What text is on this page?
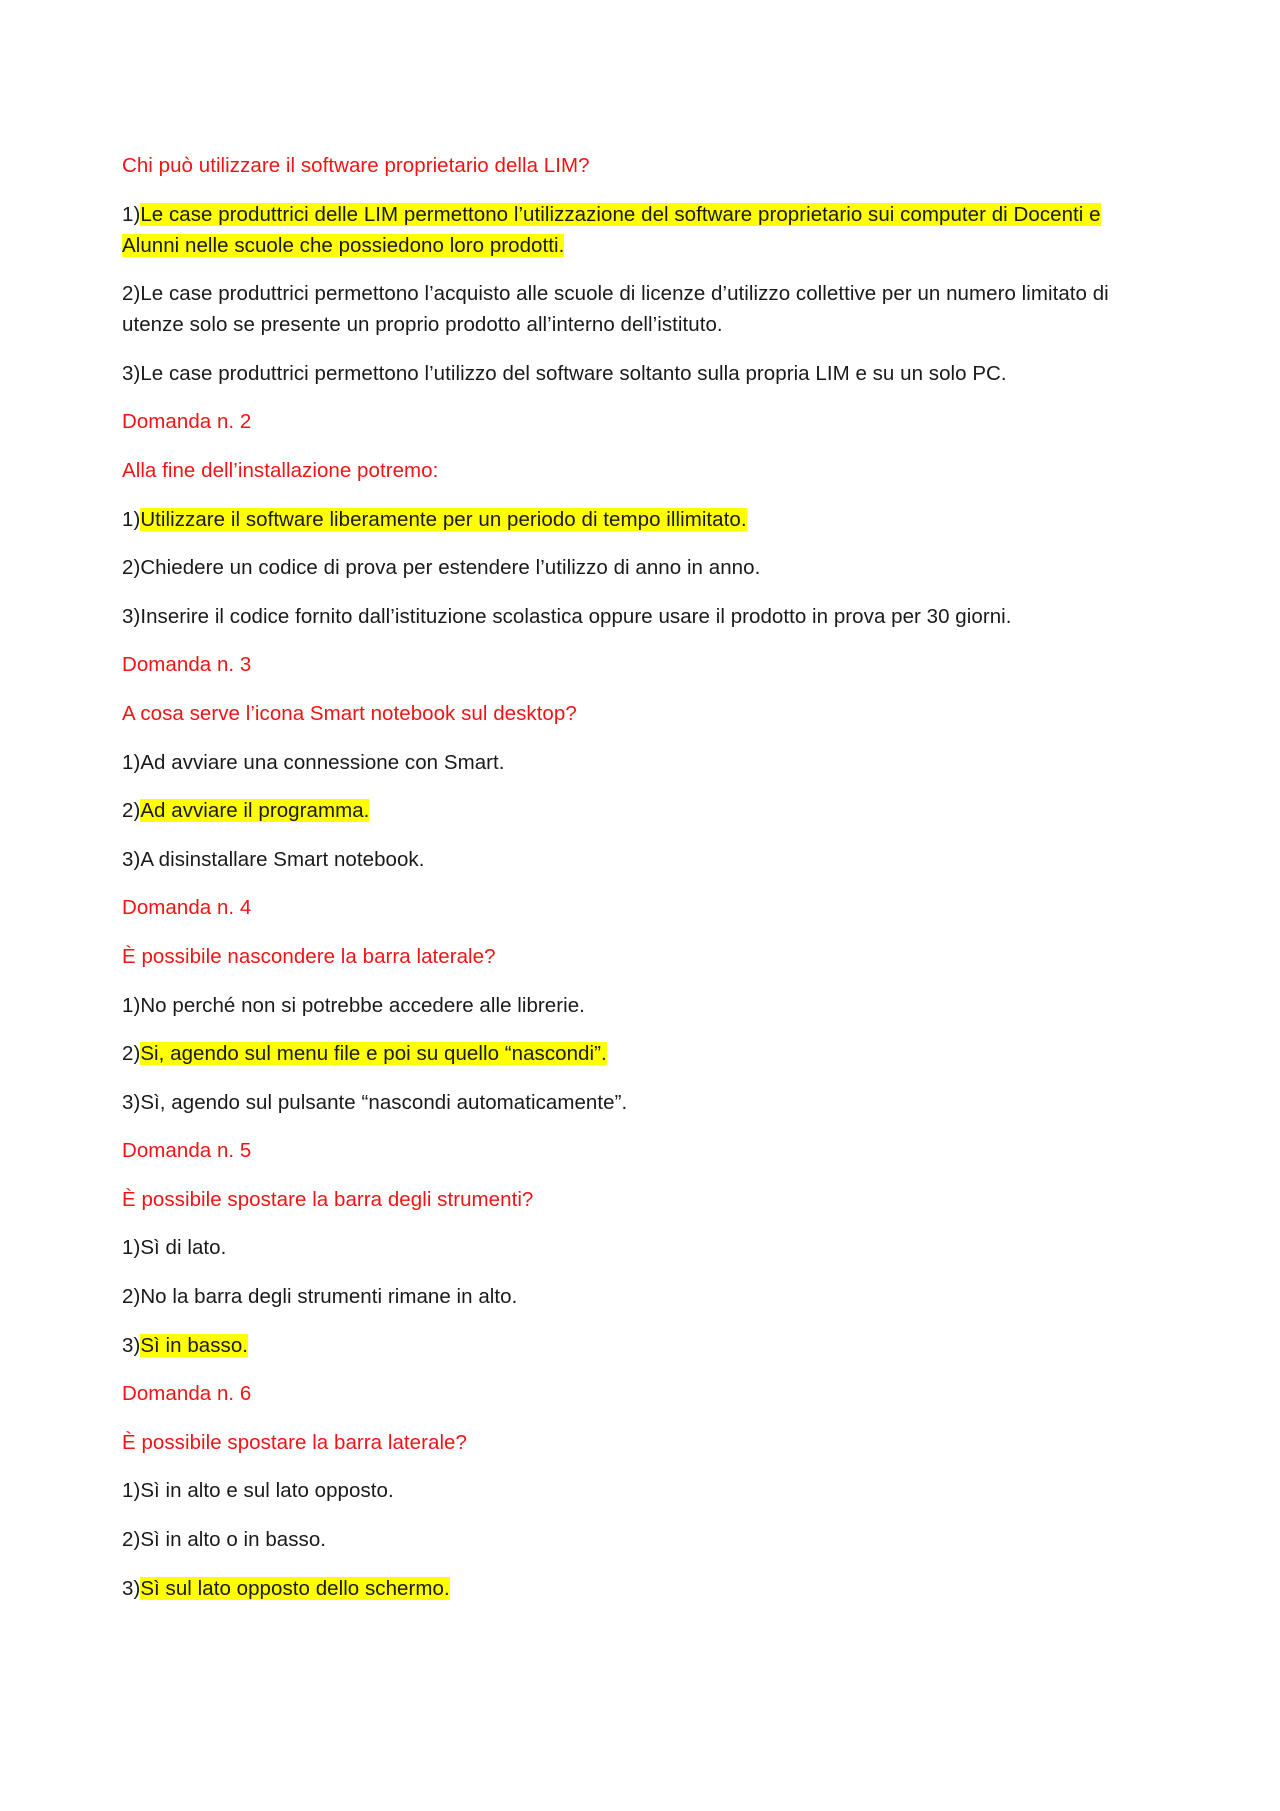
Chi può utilizzare il software proprietario della LIM?

1)Le case produttrici delle LIM permettono l’utilizzazione del software proprietario sui computer di Docenti e Alunni nelle scuole che possiedono loro prodotti.

2)Le case produttrici permettono l’acquisto alle scuole di licenze d’utilizzo collettive per un numero limitato di utenze solo se presente un proprio prodotto all’interno dell’istituto.

3)Le case produttrici permettono l’utilizzo del software soltanto sulla propria LIM e su un solo PC.

Domanda n. 2

Alla fine dell’installazione potremo:

1)Utilizzare il software liberamente per un periodo di tempo illimitato.

2)Chiedere un codice di prova per estendere l’utilizzo di anno in anno.

3)Inserire il codice fornito dall’istituzione scolastica oppure usare il prodotto in prova per 30 giorni.

Domanda n. 3

A cosa serve l’icona Smart notebook sul desktop?

1)Ad avviare una connessione con Smart.

2)Ad avviare il programma.

3)A disinstallare Smart notebook.

Domanda n. 4

È possibile nascondere la barra laterale?

1)No perché non si potrebbe accedere alle librerie.

2)Si, agendo sul menu file e poi su quello “nascondi”.

3)Sì, agendo sul pulsante “nascondi automaticamente”.

Domanda n. 5

È possibile spostare la barra degli strumenti?

1)Sì di lato.

2)No la barra degli strumenti rimane in alto.

3)Sì in basso.

Domanda n. 6

È possibile spostare la barra laterale?

1)Sì in alto e sul lato opposto.

2)Sì in alto o in basso.

3)Sì sul lato opposto dello schermo.
